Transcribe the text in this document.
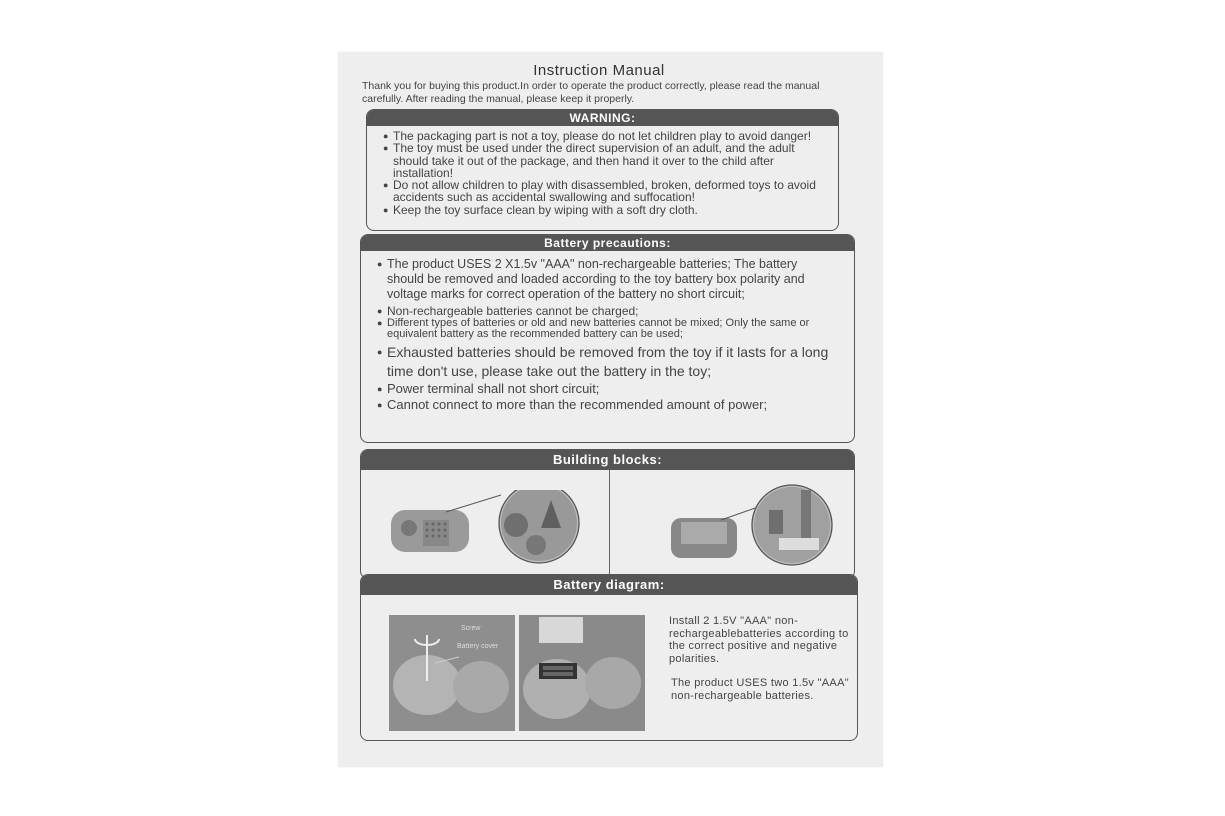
Instruction Manual
Thank you for buying this product.In order to operate the product correctly, please read the manual carefully. After reading the manual, please keep it properly.
WARNING:
● The packaging part is not a toy, please do not let children play to avoid danger!
● The toy must be used under the direct supervision of an adult, and the adult should take it out of the package, and then hand it over to the child after installation!
● Do not allow children to play with disassembled, broken, deformed toys to avoid accidents such as accidental swallowing and suffocation!
● Keep the toy surface clean by wiping with a soft dry cloth.
Battery precautions:
● The product USES 2 X1.5v "AAA" non-rechargeable batteries; The battery should be removed and loaded according to the toy battery box polarity and voltage marks for correct operation of the battery no short circuit;
● Non-rechargeable batteries cannot be charged;
● Different types of batteries or old and new batteries cannot be mixed; Only the same or equivalent battery as the recommended battery can be used;
● Exhausted batteries should be removed from the toy if it lasts for a long time don't use, please take out the battery in the toy;
● Power terminal shall not short circuit;
● Cannot connect to more than the recommended amount of power;
Building blocks:
Battery diagram:
Screw
Battery cover
Install 2 1.5V "AAA" non-rechargeablebatteries according to the correct positive and negative polarities.
The product USES two 1.5v "AAA" non-rechargeable batteries.
